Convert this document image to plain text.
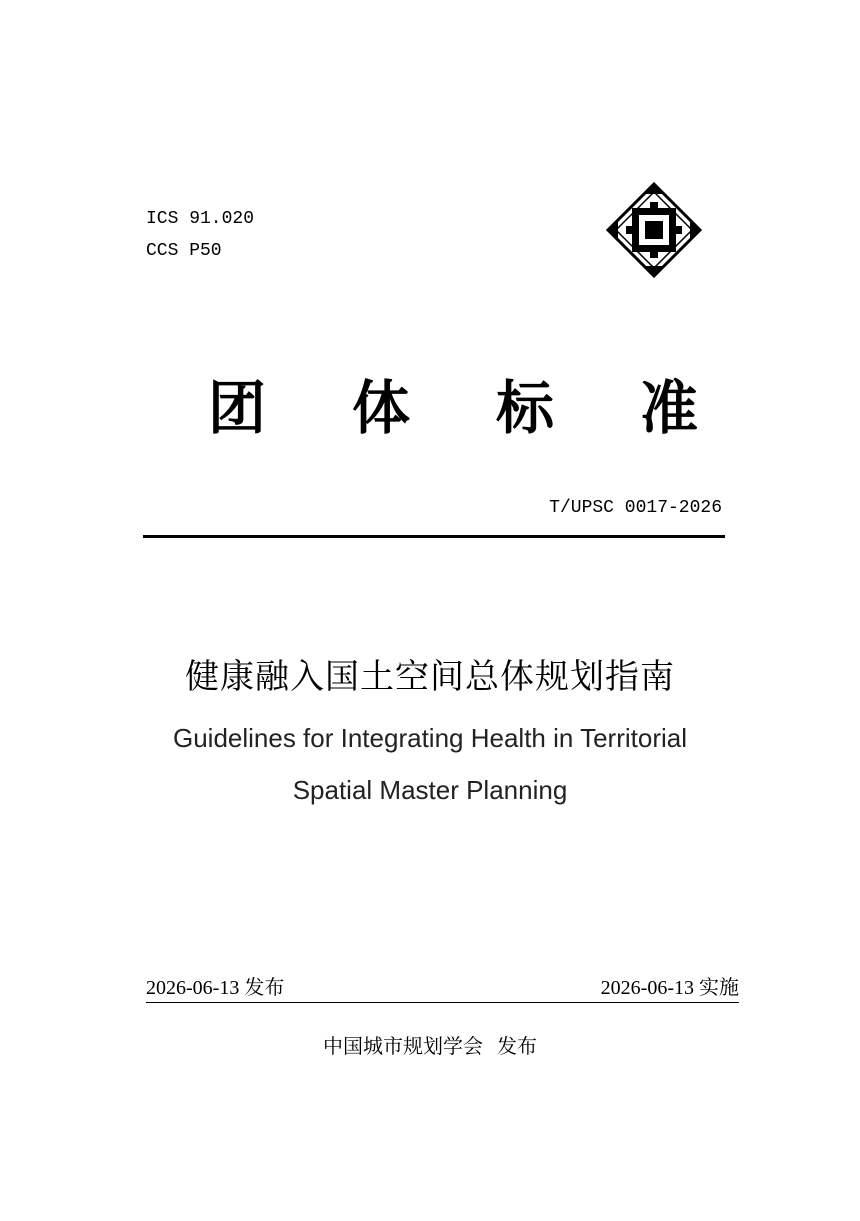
ICS 91.020
CCS P50
团 体 标 准
T/UPSC 0017-2026
健康融入国土空间总体规划指南
Guidelines for Integrating Health in Territorial
Spatial Master Planning
2026-06-13 发布	2026-06-13 实施
中国城市规划学会 发布
